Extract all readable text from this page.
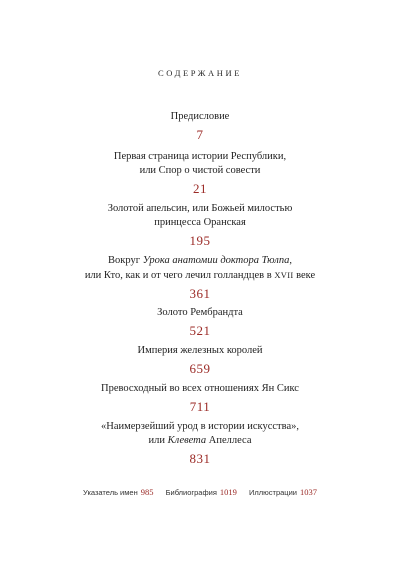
СОДЕРЖАНИЕ
Предисловие
7
Первая страница истории Республики,
или Спор о чистой совести
21
Золотой апельсин, или Божьей милостью
принцесса Оранская
195
Вокруг Урока анатомии доктора Тюлпа,
или Кто, как и от чего лечил голландцев в XVII веке
361
Золото Рембрандта
521
Империя железных королей
659
Превосходный во всех отношениях Ян Сикс
711
«Наимерзейший урод в истории искусства»,
или Клевета Апеллеса
831
Указатель имен 985 Библиография 1019 Иллюстрации 1037
